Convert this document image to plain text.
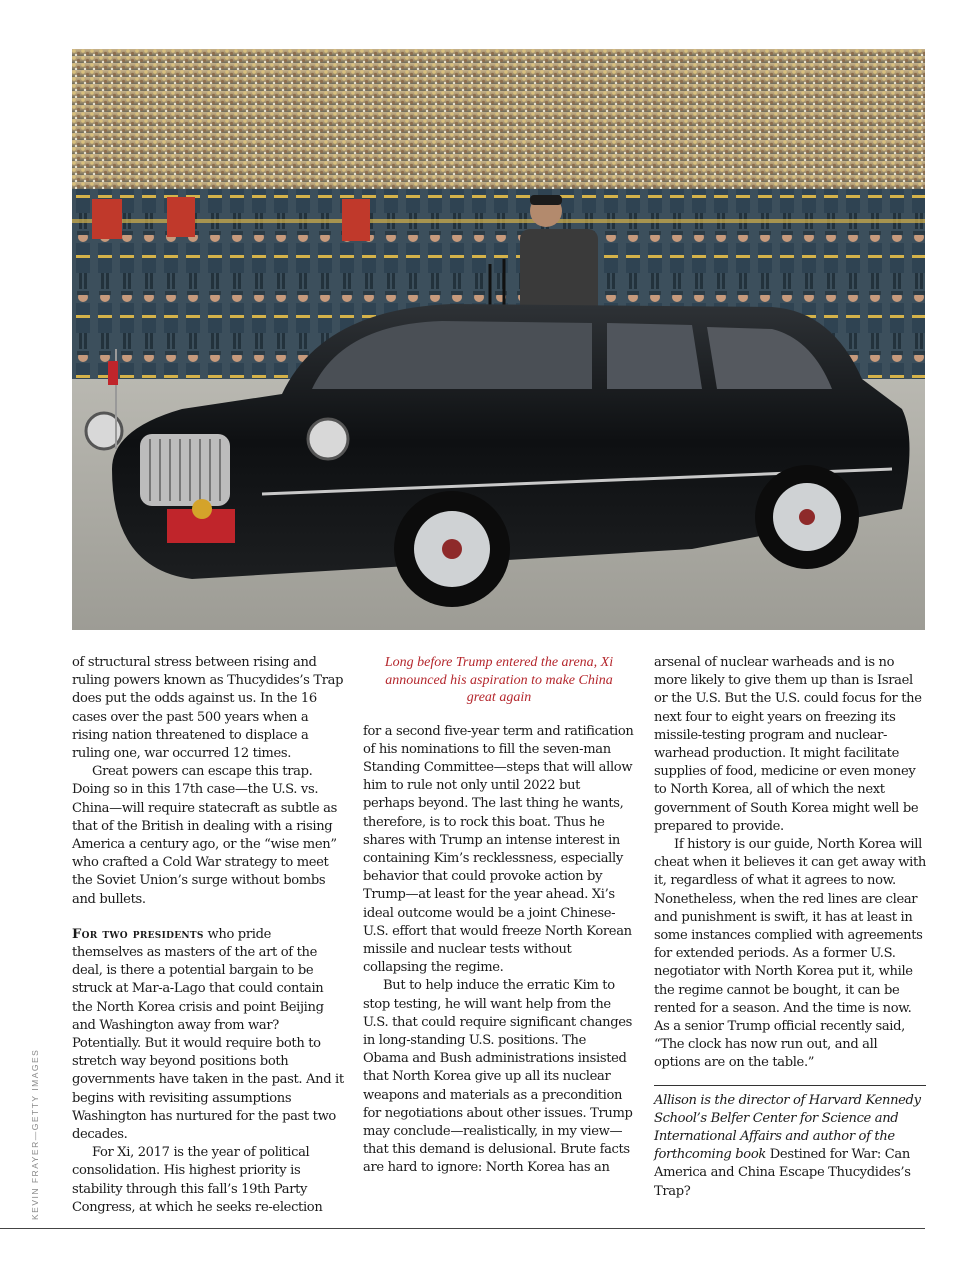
KEVIN FRAYER—GETTY IMAGES

of structural stress between rising and ruling powers known as Thucydides’s Trap does put the odds against us. In the 16 cases over the past 500 years when a rising nation threatened to displace a ruling one, war occurred 12 times.

Great powers can escape this trap. Doing so in this 17th case—the U.S. vs. China—will require statecraft as subtle as that of the British in dealing with a rising America a century ago, or the “wise men” who crafted a Cold War strategy to meet the Soviet Union’s surge without bombs and bullets.

For two presidents who pride themselves as masters of the art of the deal, is there a potential bargain to be struck at Mar-a-Lago that could contain the North Korea crisis and point Beijing and Washington away from war? Potentially. But it would require both to stretch way beyond positions both governments have taken in the past. And it begins with revisiting assumptions Washington has nurtured for the past two decades.

For Xi, 2017 is the year of political consolidation. His highest priority is stability through this fall’s 19th Party Congress, at which he seeks re-election

Long before Trump entered the arena, Xi announced his aspiration to make China great again

for a second five-year term and ratification of his nominations to fill the seven-man Standing Committee—steps that will allow him to rule not only until 2022 but perhaps beyond. The last thing he wants, therefore, is to rock this boat. Thus he shares with Trump an intense interest in containing Kim’s recklessness, especially behavior that could provoke action by Trump—at least for the year ahead. Xi’s ideal outcome would be a joint Chinese-U.S. effort that would freeze North Korean missile and nuclear tests without collapsing the regime.

But to help induce the erratic Kim to stop testing, he will want help from the U.S. that could require significant changes in long-standing U.S. positions. The Obama and Bush administrations insisted that North Korea give up all its nuclear weapons and materials as a precondition for negotiations about other issues. Trump may conclude—realistically, in my view—that this demand is delusional. Brute facts are hard to ignore: North Korea has an

arsenal of nuclear warheads and is no more likely to give them up than is Israel or the U.S. But the U.S. could focus for the next four to eight years on freezing its missile-testing program and nuclear-warhead production. It might facilitate supplies of food, medicine or even money to North Korea, all of which the next government of South Korea might well be prepared to provide.

If history is our guide, North Korea will cheat when it believes it can get away with it, regardless of what it agrees to now. Nonetheless, when the red lines are clear and punishment is swift, it has at least in some instances complied with agreements for extended periods. As a former U.S. negotiator with North Korea put it, while the regime cannot be bought, it can be rented for a season. And the time is now. As a senior Trump official recently said, “The clock has now run out, and all options are on the table.”

Allison is the director of Harvard Kennedy School’s Belfer Center for Science and International Affairs and author of the forthcoming book Destined for War: Can America and China Escape Thucydides’s Trap?
